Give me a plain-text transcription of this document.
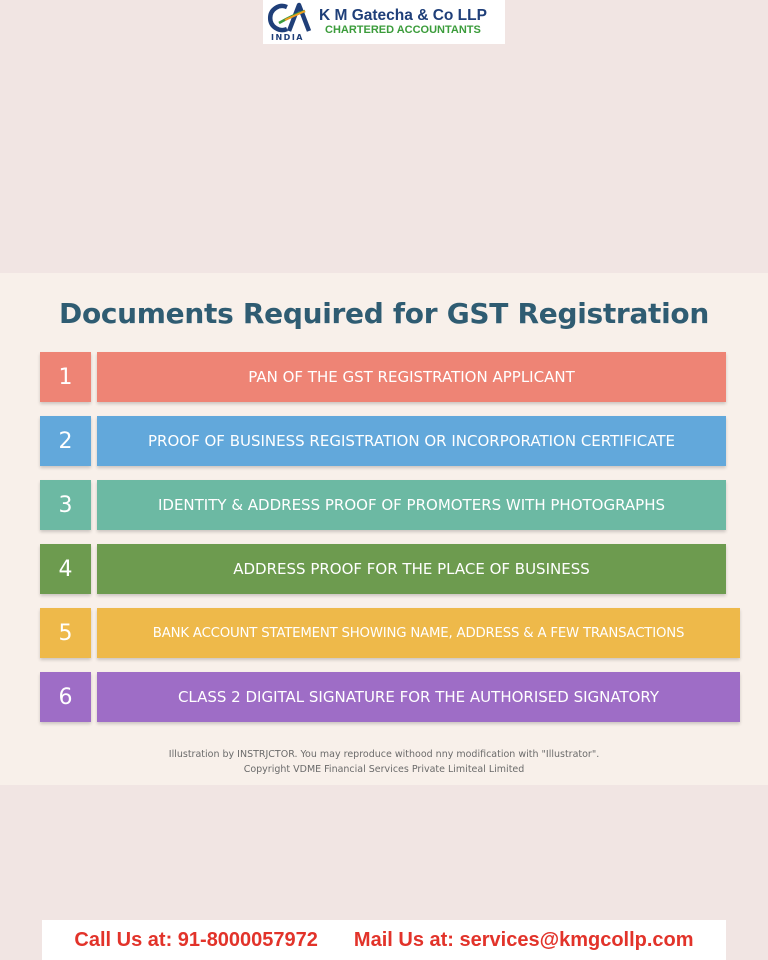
INDIA
K M Gatecha & Co LLP
CHARTERED ACCOUNTANTS
Documents Required for GST Registration
1	PAN OF THE GST REGISTRATION APPLICANT
2	PROOF OF BUSINESS REGISTRATION OR INCORPORATION CERTIFICATE
3	IDENTITY & ADDRESS PROOF OF PROMOTERS WITH PHOTOGRAPHS
4	ADDRESS PROOF FOR THE PLACE OF BUSINESS
5	BANK ACCOUNT STATEMENT SHOWING NAME, ADDRESS & A FEW TRANSACTIONS
6	CLASS 2 DIGITAL SIGNATURE FOR THE AUTHORISED SIGNATORY
Illustration by INSTRJCTOR. You may reproduce withood nny modification with "Illustrator".
Copyright VDME Financial Services Private Limiteal Limited
Call Us at: 91-8000057972 Mail Us at: services@kmgcollp.com
